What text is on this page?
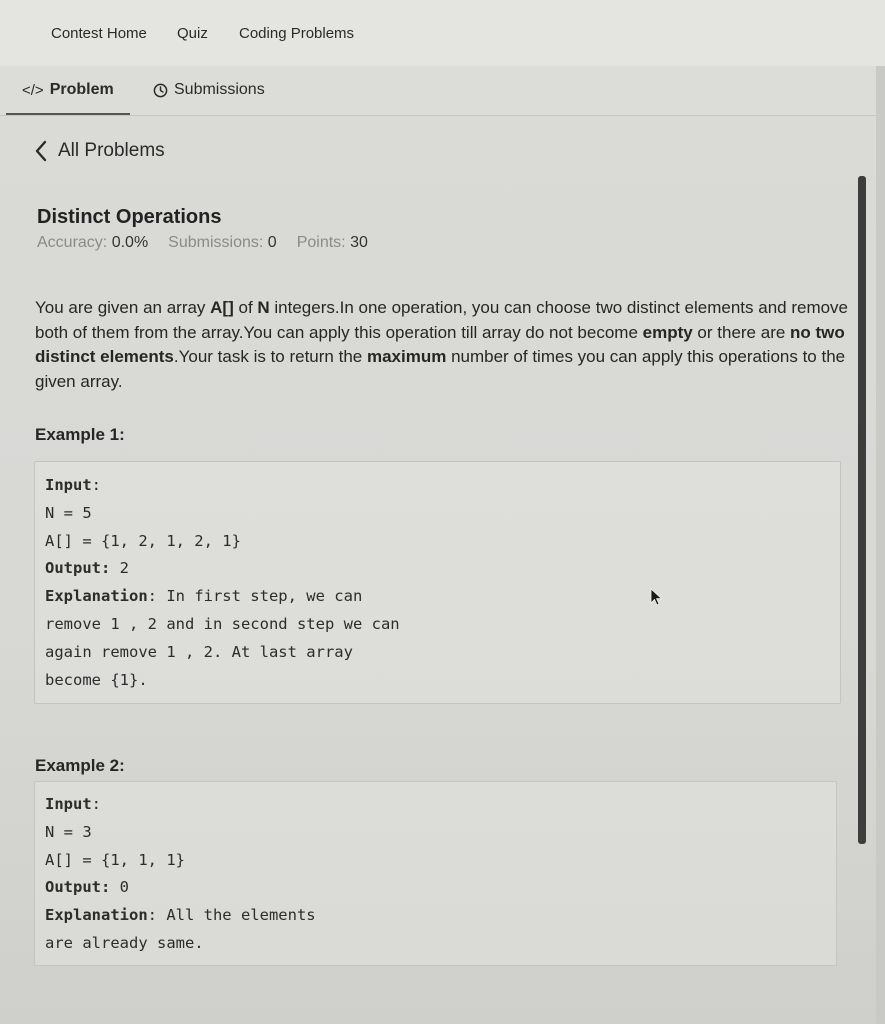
Contest Home Quiz Coding Problems
</> Problem	Submissions
All Problems
Distinct Operations
Accuracy: 0.0% Submissions: 0 Points: 30
You are given an array A[] of N integers.In one operation, you can choose two distinct elements and remove both of them from the array.You can apply this operation till array do not become empty or there are no two distinct elements.Your task is to return the maximum number of times you can apply this operations to the given array.
Example 1:
Input:
N = 5
A[] = {1, 2, 1, 2, 1}
Output: 2
Explanation: In first step, we can
remove 1 , 2 and in second step we can
again remove 1 , 2. At last array
become {1}.
Example 2:
Input:
N = 3
A[] = {1, 1, 1}
Output: 0
Explanation: All the elements
are already same.
